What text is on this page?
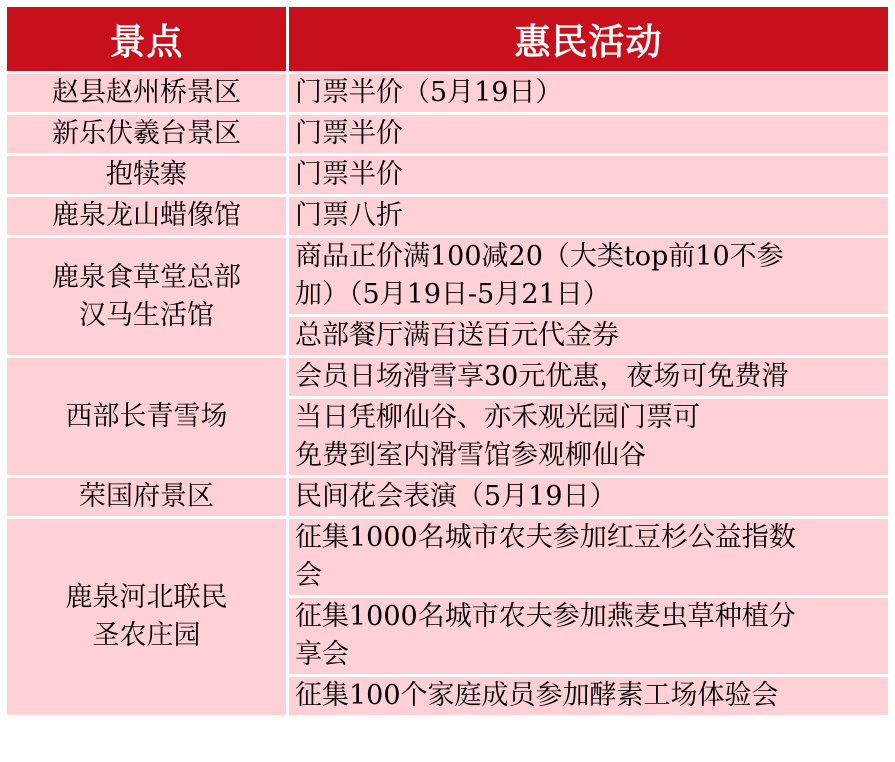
景点	惠民活动

赵县赵州桥景区	门票半价（5月19日）

新乐伏羲台景区	门票半价

抱犊寨	门票半价

鹿泉龙山蜡像馆	门票八折

鹿泉食草堂总部
汉马生活馆	商品正价满100减20（大类top前10不参
加）（5月19日-5月21日）

	总部餐厅满百送百元代金券

西部长青雪场	会员日场滑雪享30元优惠，夜场可免费滑

	当日凭柳仙谷、亦禾观光园门票可
免费到室内滑雪馆参观柳仙谷

荣国府景区	民间花会表演（5月19日）

鹿泉河北联民
圣农庄园	征集1000名城市农夫参加红豆杉公益指数
会

	征集1000名城市农夫参加燕麦虫草种植分
享会

	征集100个家庭成员参加酵素工场体验会
